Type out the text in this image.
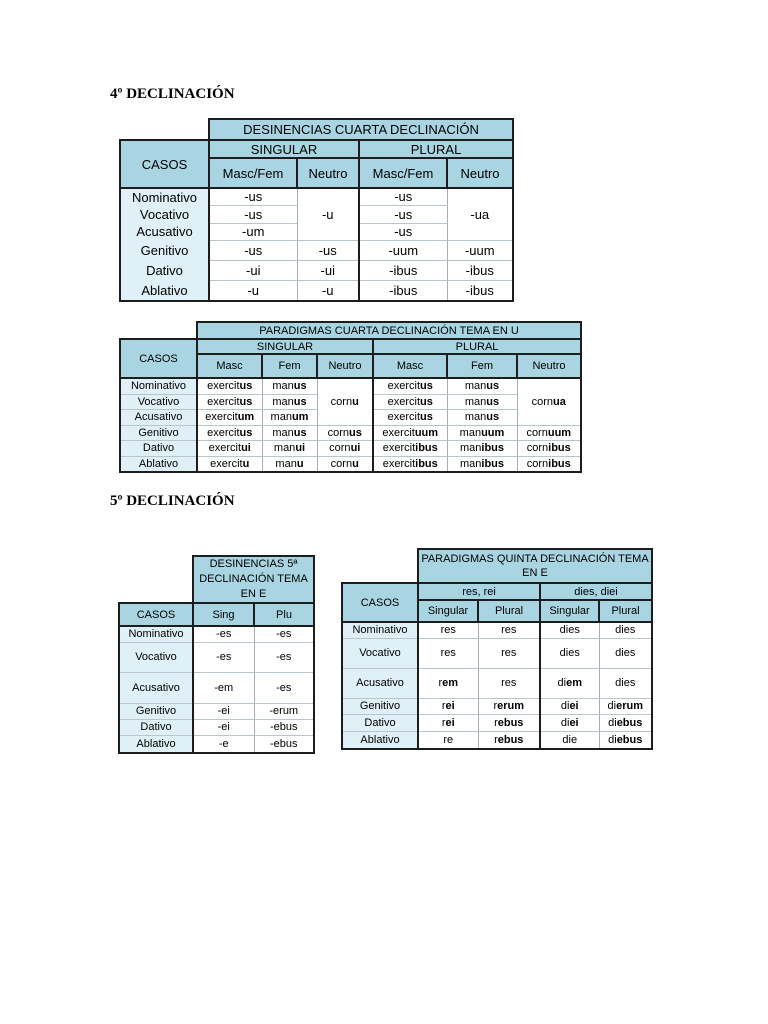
4º DECLINACIÓN
	DESINENCIAS CUARTA DECLINACIÓN			
CASOS	SINGULAR		PLURAL	
	Masc/Fem	Neutro	Masc/Fem	Neutro
Nominativo	-us	-u	-us	-ua
Vocativo	-us		-us	
Acusativo	-um		-us	
Genitivo	-us	-us	-uum	-uum
Dativo	-ui	-ui	-ibus	-ibus
Ablativo	-u	-u	-ibus	-ibus
	PARADIGMAS CUARTA DECLINACIÓN TEMA EN U					
CASOS	SINGULAR			PLURAL		
	Masc	Fem	Neutro	Masc	Fem	Neutro
Nominativo	exercitus	manus	cornu	exercitus	manus	cornua
Vocativo	exercitus	manus		exercitus	manus	
Acusativo	exercitum	manum		exercitus	manus	
Genitivo	exercitus	manus	cornus	exercituum	manuum	cornuum
Dativo	exercitui	manui	cornui	exercitibus	manibus	cornibus
Ablativo	exercitu	manu	cornu	exercitibus	manibus	cornibus
5º DECLINACIÓN
	DESINENCIAS 5ª DECLINACIÓN TEMA EN E	
CASOS	Sing	Plu
Nominativo	-es	-es
Vocativo	-es	-es
Acusativo	-em	-es
Genitivo	-ei	-erum
Dativo	-ei	-ebus
Ablativo	-e	-ebus
	PARADIGMAS QUINTA DECLINACIÓN TEMA EN E			
CASOS	res, rei		dies, diei	
	Singular	Plural	Singular	Plural
Nominativo	res	res	dies	dies
Vocativo	res	res	dies	dies
Acusativo	rem	res	diem	dies
Genitivo	rei	rerum	diei	dierum
Dativo	rei	rebus	diei	diebus
Ablativo	re	rebus	die	diebus
